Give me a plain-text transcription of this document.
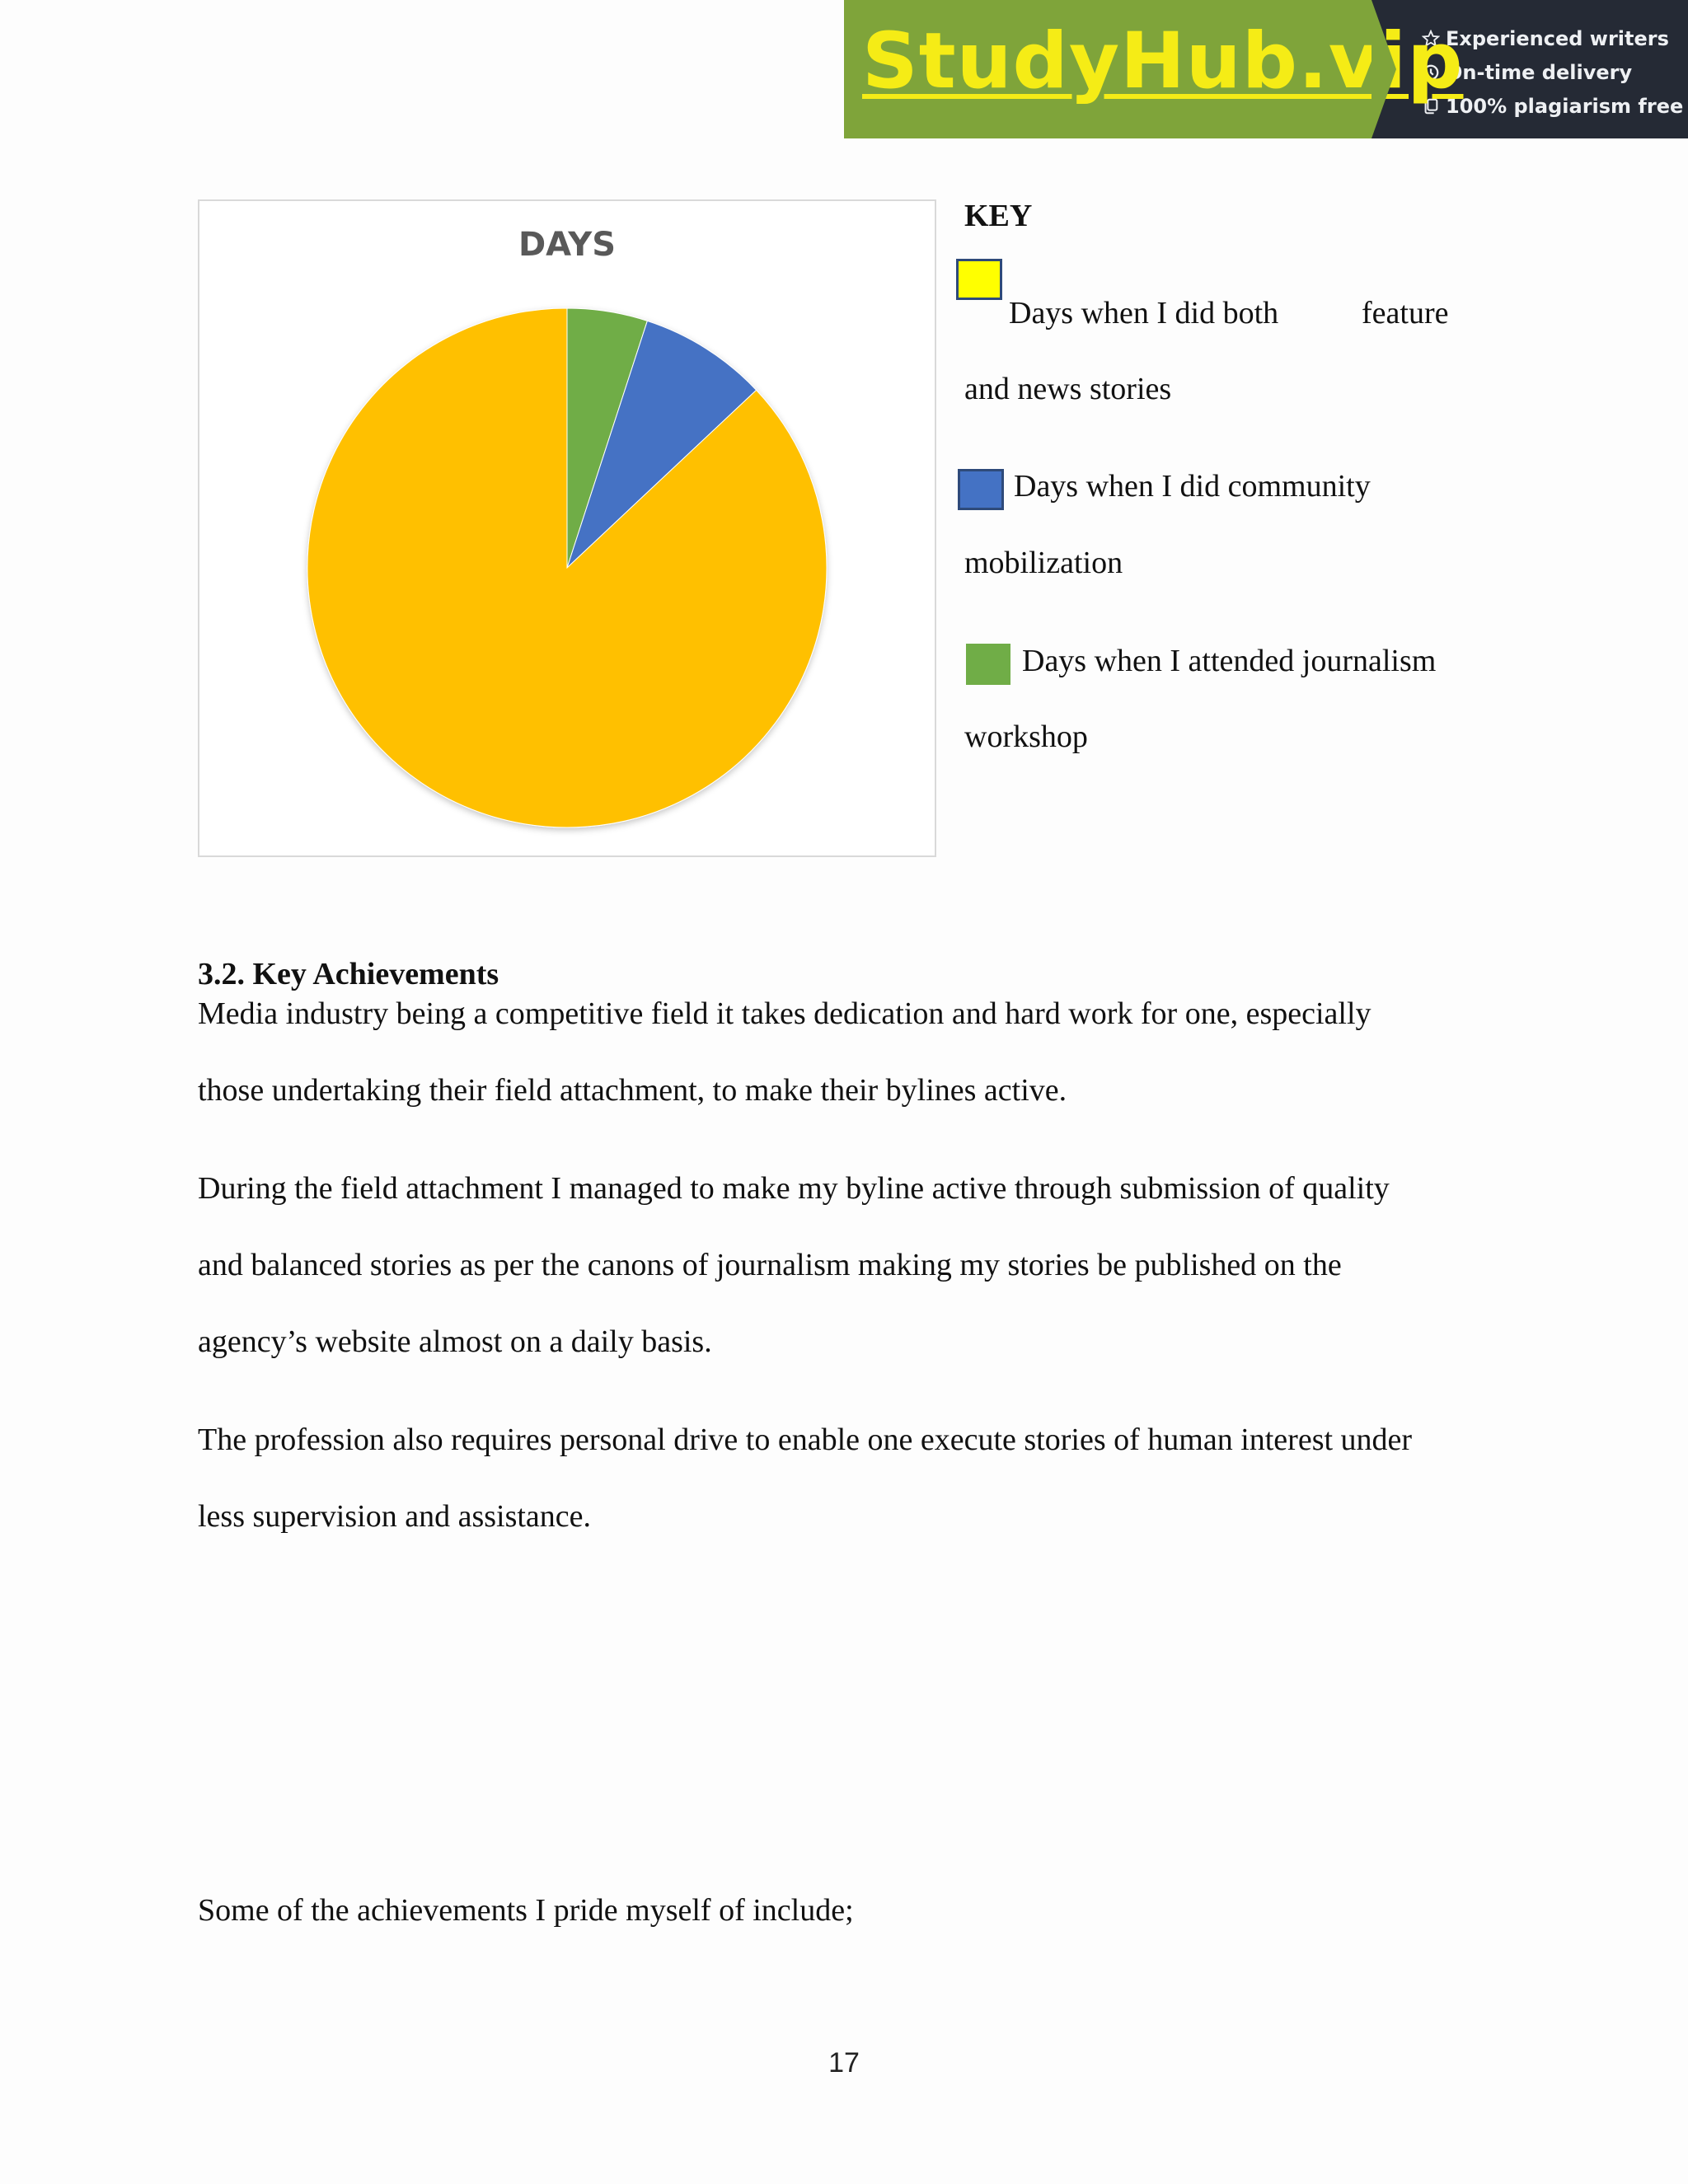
StudyHub.vip
Experienced writers
On-time delivery
100% plagiarism free
DAYS
KEY
Days when I did both	feature
and news stories
Days when I did community
mobilization
Days when I attended journalism
workshop
3.2. Key Achievements
Media industry being a competitive field it takes dedication and hard work for one, especially
those undertaking their field attachment, to make their bylines active.
During the field attachment I managed to make my byline active through submission of quality
and balanced stories as per the canons of journalism making my stories be published on the
agency’s website almost on a daily basis.
The profession also requires personal drive to enable one execute stories of human interest under
less supervision and assistance.
Some of the achievements I pride myself of include;
17
